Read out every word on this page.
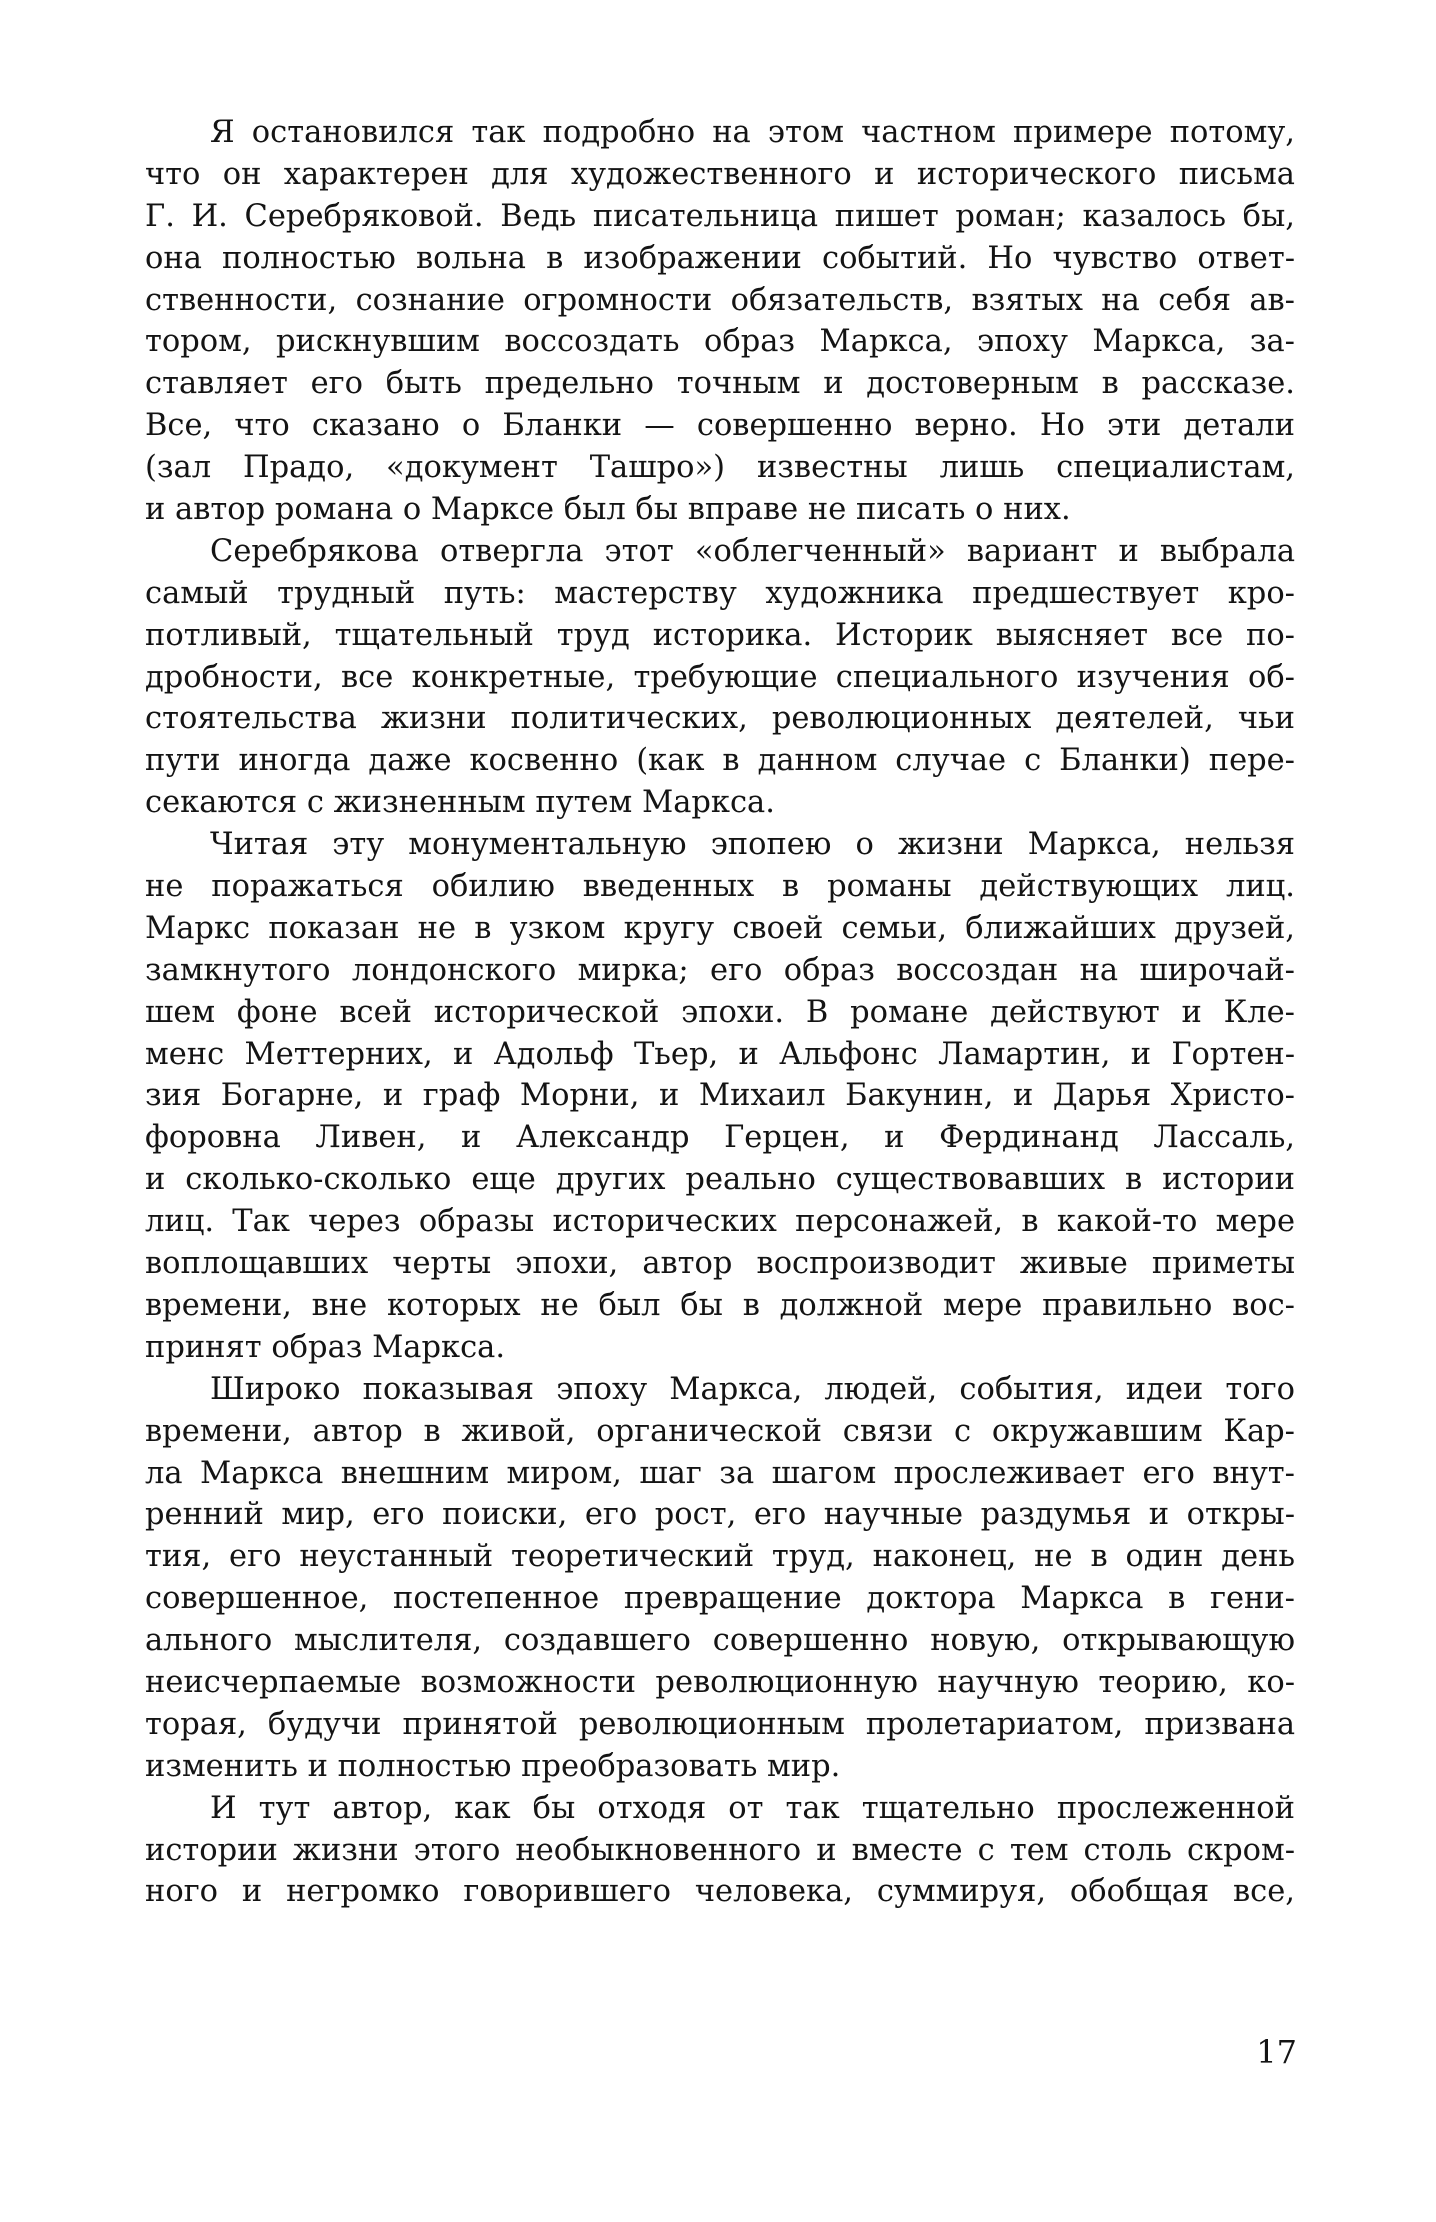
Я остановился так подробно на этом частном примере потому,
что он характерен для художественного и исторического письма
Г. И. Серебряковой. Ведь писательница пишет роман; казалось бы,
она полностью вольна в изображении событий. Но чувство ответ-
ственности, сознание огромности обязательств, взятых на себя ав-
тором, рискнувшим воссоздать образ Маркса, эпоху Маркса, за-
ставляет его быть предельно точным и достоверным в рассказе.
Все, что сказано о Бланки — совершенно верно. Но эти детали
(зал Прадо, «документ Ташро») известны лишь специалистам,
и автор романа о Марксе был бы вправе не писать о них.
Серебрякова отвергла этот «облегченный» вариант и выбрала
самый трудный путь: мастерству художника предшествует кро-
потливый, тщательный труд историка. Историк выясняет все по-
дробности, все конкретные, требующие специального изучения об-
стоятельства жизни политических, революционных деятелей, чьи
пути иногда даже косвенно (как в данном случае с Бланки) пере-
секаются с жизненным путем Маркса.
Читая эту монументальную эпопею о жизни Маркса, нельзя
не поражаться обилию введенных в романы действующих лиц.
Маркс показан не в узком кругу своей семьи, ближайших друзей,
замкнутого лондонского мирка; его образ воссоздан на широчай-
шем фоне всей исторической эпохи. В романе действуют и Кле-
менс Меттерних, и Адольф Тьер, и Альфонс Ламартин, и Гортен-
зия Богарне, и граф Морни, и Михаил Бакунин, и Дарья Христо-
форовна Ливен, и Александр Герцен, и Фердинанд Лассаль,
и сколько-сколько еще других реально существовавших в истории
лиц. Так через образы исторических персонажей, в какой-то мере
воплощавших черты эпохи, автор воспроизводит живые приметы
времени, вне которых не был бы в должной мере правильно вос-
принят образ Маркса.
Широко показывая эпоху Маркса, людей, события, идеи того
времени, автор в живой, органической связи с окружавшим Кар-
ла Маркса внешним миром, шаг за шагом прослеживает его внут-
ренний мир, его поиски, его рост, его научные раздумья и откры-
тия, его неустанный теоретический труд, наконец, не в один день
совершенное, постепенное превращение доктора Маркса в гени-
ального мыслителя, создавшего совершенно новую, открывающую
неисчерпаемые возможности революционную научную теорию, ко-
торая, будучи принятой революционным пролетариатом, призвана
изменить и полностью преобразовать мир.
И тут автор, как бы отходя от так тщательно прослеженной
истории жизни этого необыкновенного и вместе с тем столь скром-
ного и негромко говорившего человека, суммируя, обобщая все,
17
